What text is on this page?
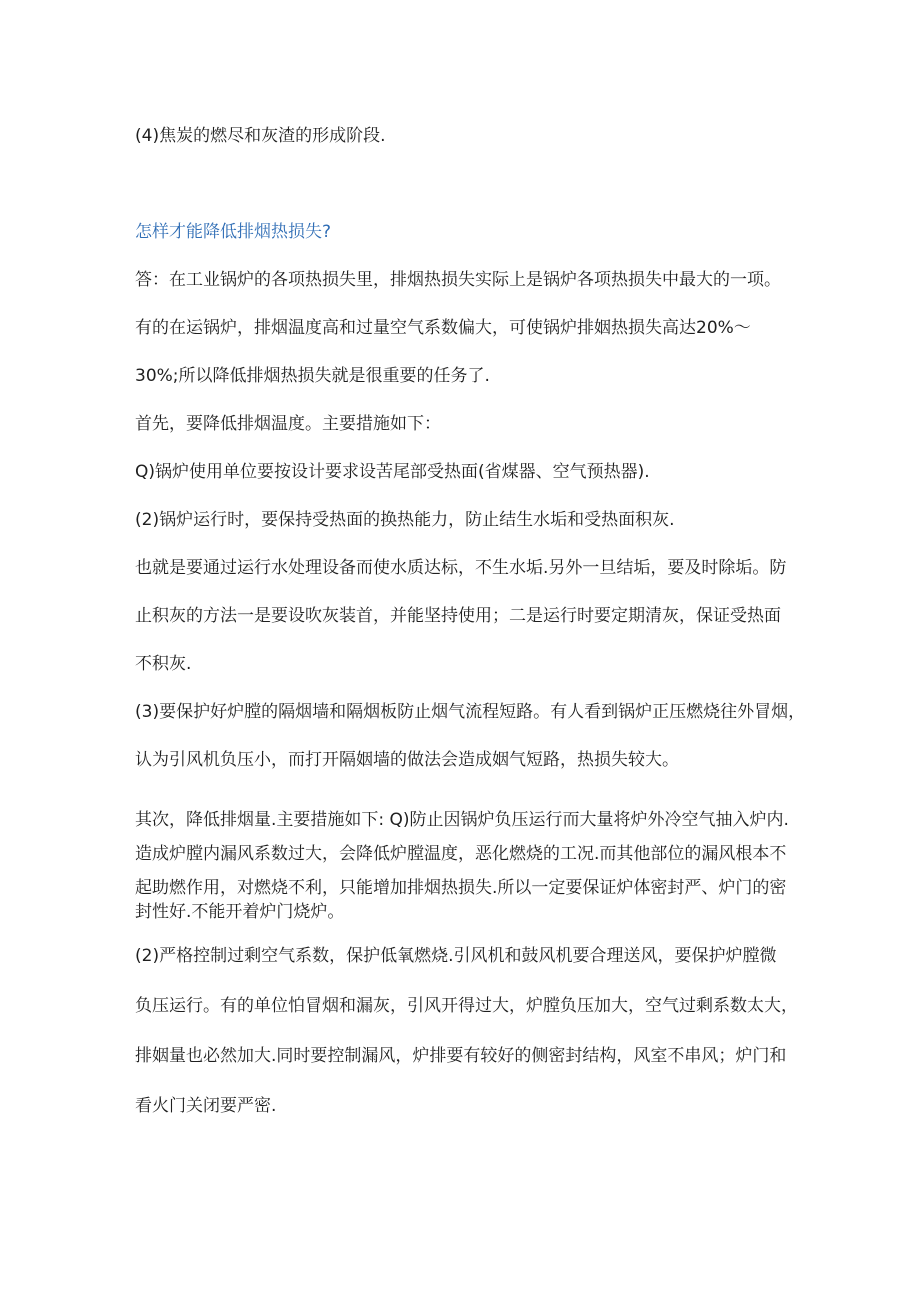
(4)焦炭的燃尽和灰渣的形成阶段.
怎样才能降低排烟热损失?
答：在工业锅炉的各项热损失里，排烟热损失实际上是锅炉各项热损失中最大的一项。
有的在运锅炉，排烟温度高和过量空气系数偏大，可使锅炉排姻热损失高达20%〜
30%;所以降低排烟热损失就是很重要的任务了.
首先，要降低排烟温度。主要措施如下：
Q)锅炉使用单位要按设计要求设苦尾部受热面(省煤器、空气预热器).
(2)锅炉运行时，要保持受热面的换热能力，防止结生水垢和受热面积灰.
也就是要通过运行水处理设备而使水质达标，不生水垢.另外一旦结垢，要及时除垢。防
止积灰的方法一是要设吹灰装首，并能坚持使用；二是运行时要定期清灰，保证受热面
不积灰.
(3)要保护好炉膛的隔烟墙和隔烟板防止烟气流程短路。有人看到锅炉正压燃烧往外冒烟，
认为引风机负压小，而打开隔姻墙的做法会造成姻气短路，热损失较大。
其次，降低排烟量.主要措施如下: Q)防止因锅炉负压运行而大量将炉外冷空气抽入炉内.
造成炉膛内漏风系数过大，会降低炉膛温度，恶化燃烧的工况.而其他部位的漏风根本不
起助燃作用，对燃烧不利，只能增加排烟热损失.所以一定要保证炉体密封严、炉门的密
封性好.不能开着炉门烧炉。
(2)严格控制过剩空气系数，保护低氧燃烧.引风机和鼓风机要合理送风，要保护炉膛微
负压运行。有的单位怕冒烟和漏灰，引风开得过大，炉膛负压加大，空气过剩系数太大，
排姻量也必然加大.同时要控制漏风，炉排要有较好的侧密封结构，风室不串风；炉门和
看火门关闭要严密.
